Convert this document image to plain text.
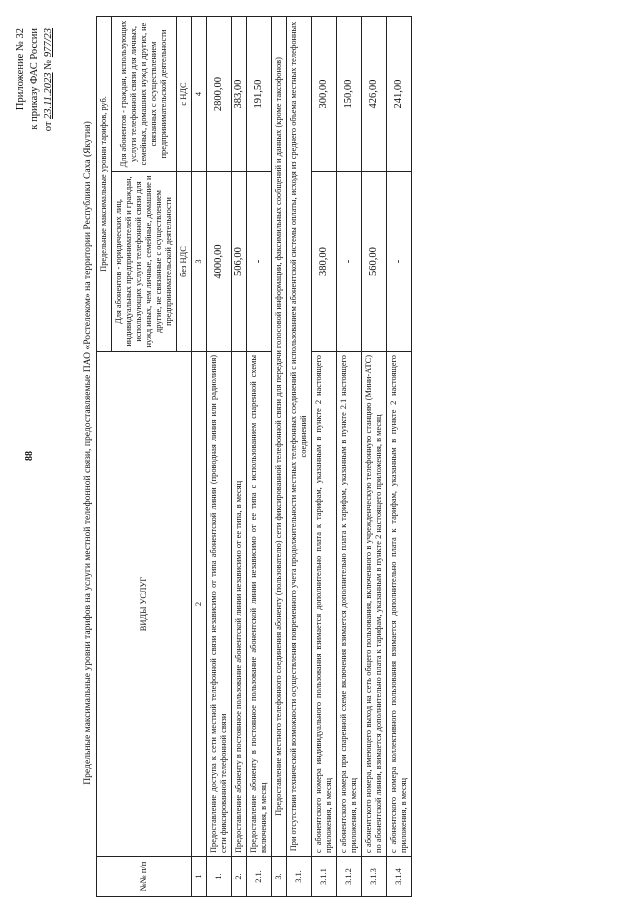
88
Приложение № 32 к приказу ФАС России от 23.11.2023 № 977/23
Предельные максимальные уровни тарифов на услуги местной телефонной связи, предоставляемые ПАО «Ростелеком» на территории Республики Саха (Якутия)
№№ п/п	ВИДЫ УСЛУГ	Предельные максимальные уровни тарифов, руб.	
		Для абонентов - юридических лиц, индивидуальных предпринимателей и граждан, использующих услуги телефонной связи для нужд иных, чем личные, семейные, домашние и другие, не связанные с осуществлением предпринимательской деятельности	Для абонентов - граждан, использующих услуги телефонной связи для личных, семейных, домашних нужд и других, не связанных с осуществлением предпринимательской деятельности
		без НДС	с НДС
1	2	3	4
1.	Предоставление доступа к сети местной телефонной связи независимо от типа абонентской линии (проводная линия или радиолиния) сети фиксированной телефонной связи	4000,00	2800,00
2.	Предоставление абоненту в постоянное пользование абонентской линии независимо от ее типа, в месяц	506,00	383,00
2.1.	Предоставление абоненту в постоянное пользование абонентской линии независимо от ее типа с использованием спаренной схемы включения, в месяц	-	191,50
3.	Предоставление местного телефонного соединения абоненту (пользователю) сети фиксированной телефонной связи для передачи голосовой информации, факсимильных сообщений и данных (кроме таксофонов)		
3.1.	При отсутствии технической возможности осуществления повременного учета продолжительности местных телефонных соединений с использованием абонентской системы оплаты, исходя из среднего объема местных телефонных соединений		
3.1.1	с абонентского номера индивидуального пользования взимается дополнительно плата к тарифам, указанным в пункте 2 настоящего приложения, в месяц	380,00	300,00
3.1.2	с абонентского номера при спаренной схеме включения взимается дополнительно плата к тарифам, указанным в пункте 2.1 настоящего приложения, в месяц	-	150,00
3.1.3	с абонентского номера, имеющего выход на сеть общего пользования, включенного в учрежденческую телефонную станцию (Мини-АТС) по абонентской линии, взимается дополнительно плата к тарифам, указанным в пункте 2 настоящего приложения, в месяц	560,00	426,00
3.1.4	с абонентского номера коллективного пользования взимается дополнительно плата к тарифам, указанным в пункте 2 настоящего приложения, в месяц	-	241,00
